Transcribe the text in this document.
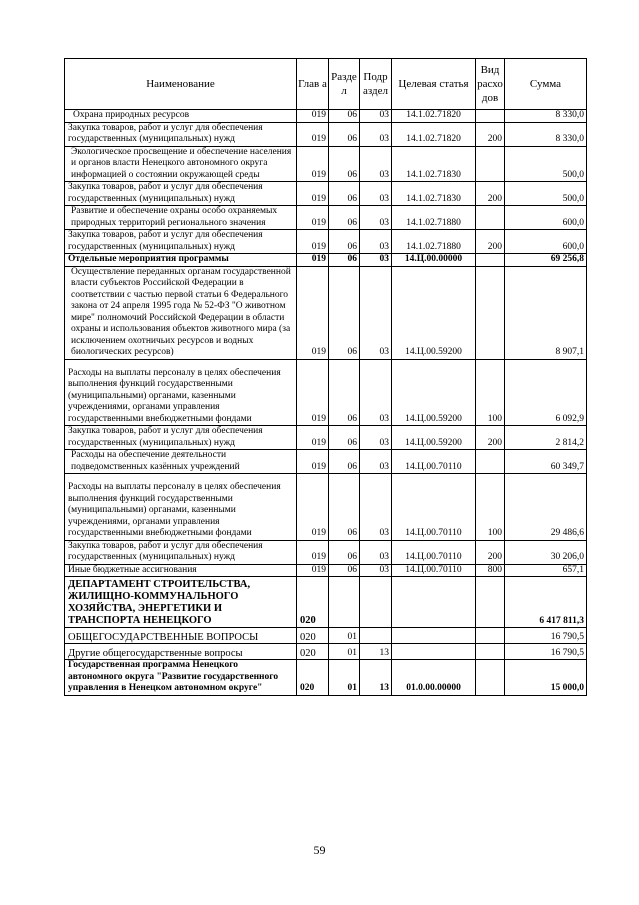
Наименование	Глав а	Разде л	Подр аздел	Целевая статья	Вид расхо дов	Сумма
Охрана природных ресурсов	019	06	03	14.1.02.71820		8 330,0
Закупка товаров, работ и услуг для обеспечения государственных (муниципальных) нужд	019	06	03	14.1.02.71820	200	8 330,0
Экологическое просвещение и обеспечение населения и органов власти Ненецкого автономного округа информацией о состоянии окружающей среды	019	06	03	14.1.02.71830		500,0
Закупка товаров, работ и услуг для обеспечения государственных (муниципальных) нужд	019	06	03	14.1.02.71830	200	500,0
Развитие и обеспечение охраны особо охраняемых природных территорий регионального значения	019	06	03	14.1.02.71880		600,0
Закупка товаров, работ и услуг для обеспечения государственных (муниципальных) нужд	019	06	03	14.1.02.71880	200	600,0
Отдельные мероприятия программы	019	06	03	14.Ц.00.00000		69 256,8
Осуществление переданных органам государственной власти субъектов Российской Федерации в соответствии с частью первой статьи 6 Федерального закона от 24 апреля 1995 года № 52-ФЗ "О животном мире" полномочий Российской Федерации в области охраны и использования объектов животного мира (за исключением охотничьих ресурсов и водных биологических ресурсов)	019	06	03	14.Ц.00.59200		8 907,1
Расходы на выплаты персоналу в целях обеспечения выполнения функций государственными (муниципальными) органами, казенными учреждениями, органами управления государственными внебюджетными фондами	019	06	03	14.Ц.00.59200	100	6 092,9
Закупка товаров, работ и услуг для обеспечения государственных (муниципальных) нужд	019	06	03	14.Ц.00.59200	200	2 814,2
Расходы на обеспечение деятельности подведомственных казённых учреждений	019	06	03	14.Ц.00.70110		60 349,7
Расходы на выплаты персоналу в целях обеспечения выполнения функций государственными (муниципальными) органами, казенными учреждениями, органами управления государственными внебюджетными фондами	019	06	03	14.Ц.00.70110	100	29 486,6
Закупка товаров, работ и услуг для обеспечения государственных (муниципальных) нужд	019	06	03	14.Ц.00.70110	200	30 206,0
Иные бюджетные ассигнования	019	06	03	14.Ц.00.70110	800	657,1
ДЕПАРТАМЕНТ СТРОИТЕЛЬСТВА, ЖИЛИЩНО-КОММУНАЛЬНОГО ХОЗЯЙСТВА, ЭНЕРГЕТИКИ И ТРАНСПОРТА НЕНЕЦКОГО	020					6 417 811,3
ОБЩЕГОСУДАРСТВЕННЫЕ ВОПРОСЫ	020	01				16 790,5
Другие общегосударственные вопросы	020	01	13			16 790,5
Государственная программа Ненецкого автономного округа "Развитие государственного управления в Ненецком автономном округе"	020	01	13	01.0.00.00000		15 000,0
59
